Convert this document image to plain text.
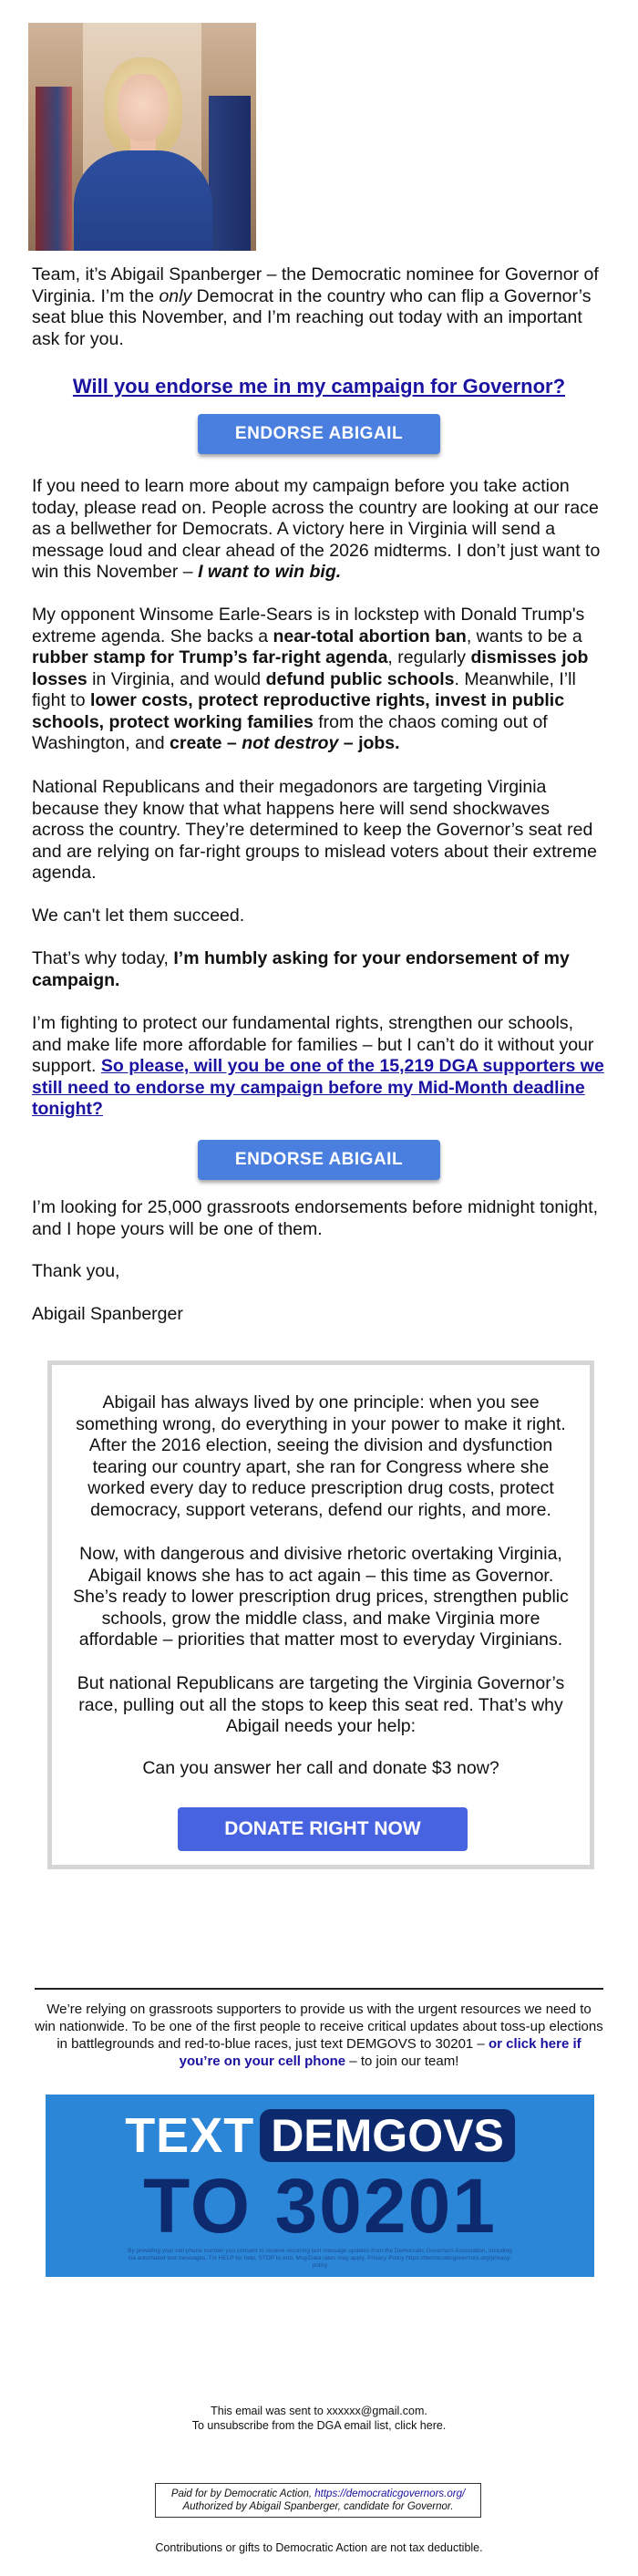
Team, it’s Abigail Spanberger – the Democratic nominee for Governor of Virginia. I’m the only Democrat in the country who can flip a Governor’s seat blue this November, and I’m reaching out today with an important ask for you.

Will you endorse me in my campaign for Governor?
ENDORSE ABIGAIL

If you need to learn more about my campaign before you take action today, please read on. People across the country are looking at our race as a bellwether for Democrats. A victory here in Virginia will send a message loud and clear ahead of the 2026 midterms. I don’t just want to win this November – I want to win big.

My opponent Winsome Earle-Sears is in lockstep with Donald Trump's extreme agenda. She backs a near-total abortion ban, wants to be a rubber stamp for Trump’s far-right agenda, regularly dismisses job losses in Virginia, and would defund public schools. Meanwhile, I’ll fight to lower costs, protect reproductive rights, invest in public schools, protect working families from the chaos coming out of Washington, and create – not destroy – jobs.

National Republicans and their megadonors are targeting Virginia because they know that what happens here will send shockwaves across the country. They’re determined to keep the Governor’s seat red and are relying on far-right groups to mislead voters about their extreme agenda.

We can't let them succeed.

That’s why today, I’m humbly asking for your endorsement of my campaign.

I’m fighting to protect our fundamental rights, strengthen our schools, and make life more affordable for families – but I can’t do it without your support. So please, will you be one of the 15,219 DGA supporters we still need to endorse my campaign before my Mid-Month deadline tonight?

ENDORSE ABIGAIL

I’m looking for 25,000 grassroots endorsements before midnight tonight, and I hope yours will be one of them.

Thank you,

Abigail Spanberger

Abigail has always lived by one principle: when you see something wrong, do everything in your power to make it right. After the 2016 election, seeing the division and dysfunction tearing our country apart, she ran for Congress where she worked every day to reduce prescription drug costs, protect democracy, support veterans, defend our rights, and more.

Now, with dangerous and divisive rhetoric overtaking Virginia, Abigail knows she has to act again – this time as Governor. She’s ready to lower prescription drug prices, strengthen public schools, grow the middle class, and make Virginia more affordable – priorities that matter most to everyday Virginians.

But national Republicans are targeting the Virginia Governor’s race, pulling out all the stops to keep this seat red. That’s why Abigail needs your help:

Can you answer her call and donate $3 now?

DONATE RIGHT NOW

We’re relying on grassroots supporters to provide us with the urgent resources we need to win nationwide. To be one of the first people to receive critical updates about toss-up elections in battlegrounds and red-to-blue races, just text DEMGOVS to 30201 – or click here if you’re on your cell phone – to join our team!

TEXT DEMGOVS
TO 30201
By providing your cell phone number you consent to receive recurring text message updates from the Democratic Governors Association, including via automated text messages. Txt HELP for help, STOP to end. Msg/Data rates may apply. Privacy Policy https://democraticgovernors.org/privacy-policy

This email was sent to xxxxxx@gmail.com.

To unsubscribe from the DGA email list, click here.

Paid for by Democratic Action, https://democraticgovernors.org/
Authorized by Abigail Spanberger, candidate for Governor.

Contributions or gifts to Democratic Action are not tax deductible.
